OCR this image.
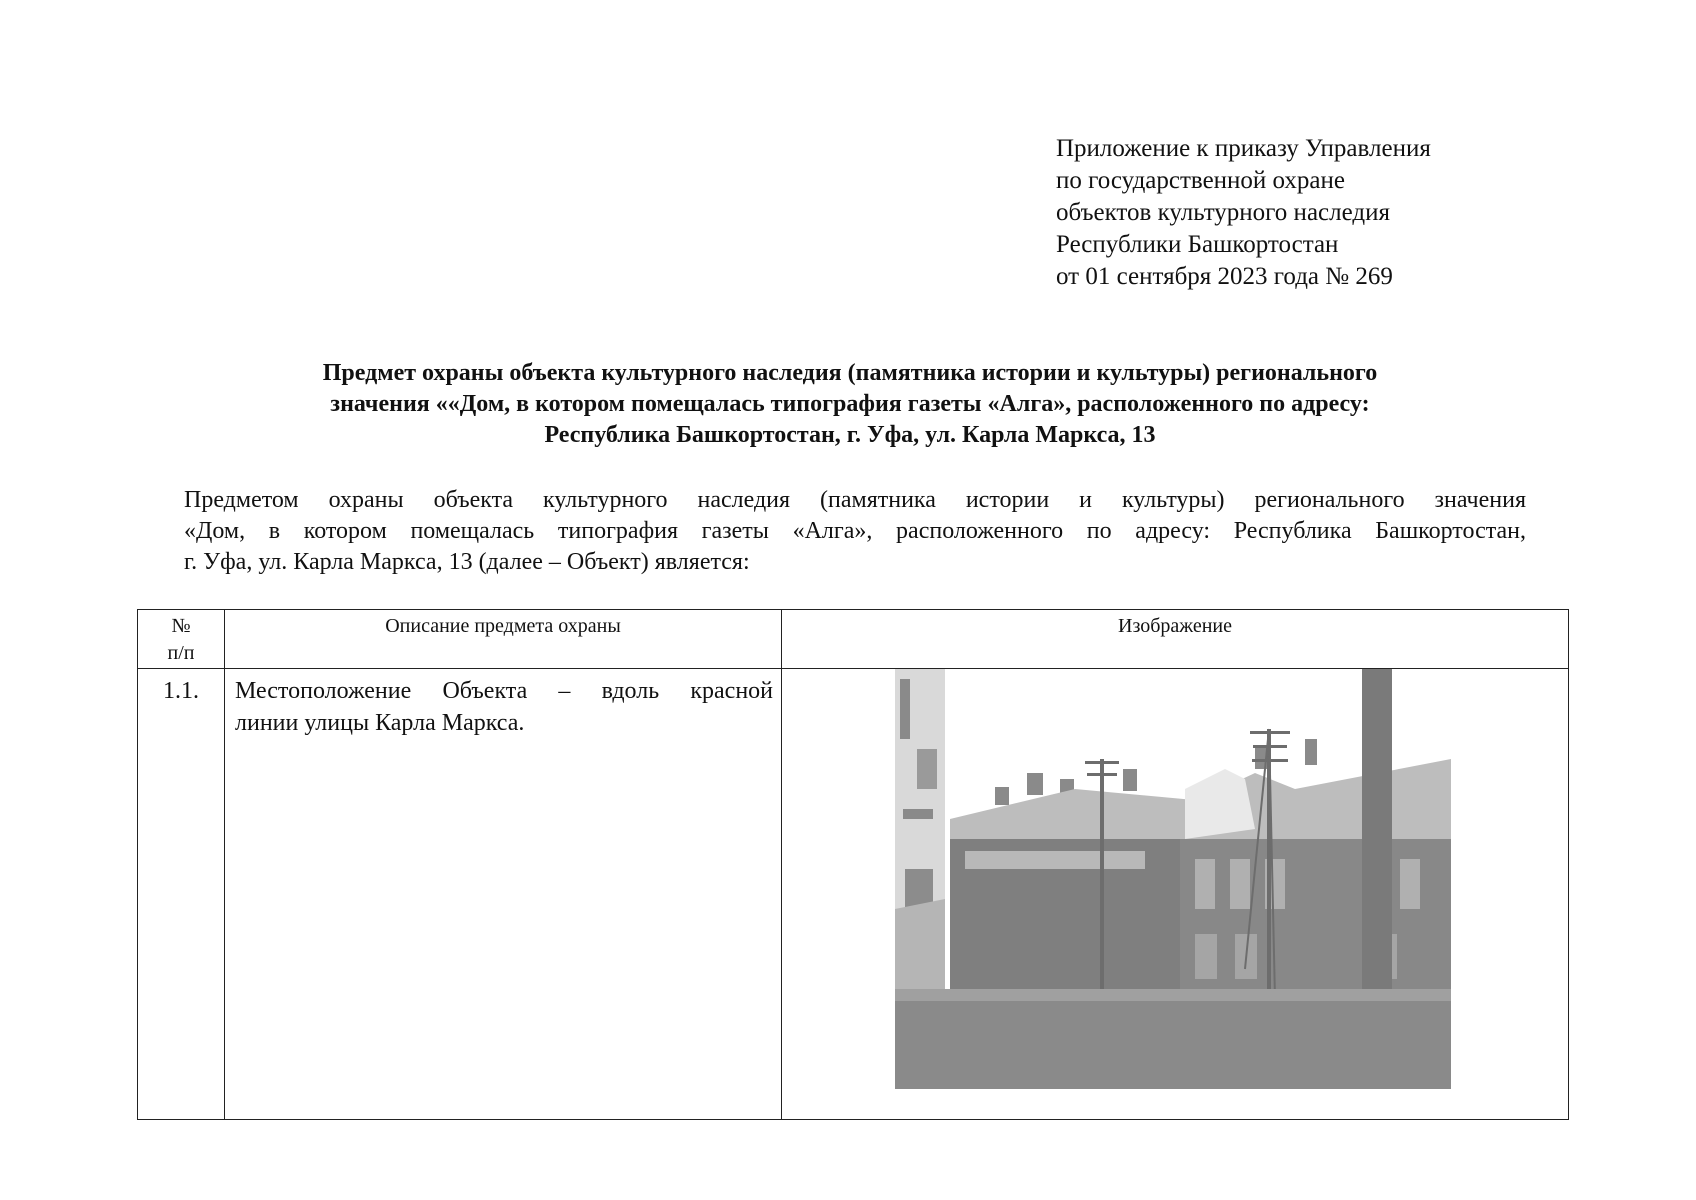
Приложение к приказу Управления
по государственной охране
объектов культурного наследия
Республики Башкортостан
от 01 сентября 2023 года № 269
Предмет охраны объекта культурного наследия (памятника истории и культуры) регионального
значения ««Дом, в котором помещалась типография газеты «Алга», расположенного по адресу:
Республика Башкортостан, г. Уфа, ул. Карла Маркса, 13
Предметом охраны объекта культурного наследия (памятника истории и культуры) регионального значения
«Дом, в котором помещалась типография газеты «Алга», расположенного по адресу: Республика Башкортостан,
г. Уфа, ул. Карла Маркса, 13 (далее – Объект) является:
№
п/п	Описание предмета охраны	Изображение
1.1.	Местоположение Объекта – вдоль красной
линии улицы Карла Маркса.
